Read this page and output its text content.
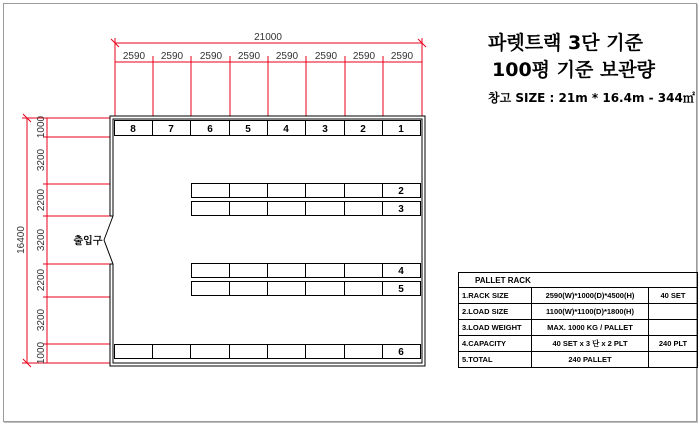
21000
2590 2590 2590 2590 2590 2590 2590 2590
16400
1000
3200
2200
3200
2200
3200
1000
출입구
8	7	6	5	4	3	2	1
2
3
4
5
6
파렛트랙 3단 기준
100평 기준 보관량
창고 SIZE : 21m * 16.4m - 344㎡
PALLET RACK		
1.RACK SIZE	2590(W)*1000(D)*4500(H)	40 SET
2.LOAD SIZE	1100(W)*1100(D)*1800(H)	
3.LOAD WEIGHT	MAX. 1000 KG / PALLET	
4.CAPACITY	40 SET x 3 단 x 2 PLT	240 PLT
5.TOTAL	240 PALLET	
